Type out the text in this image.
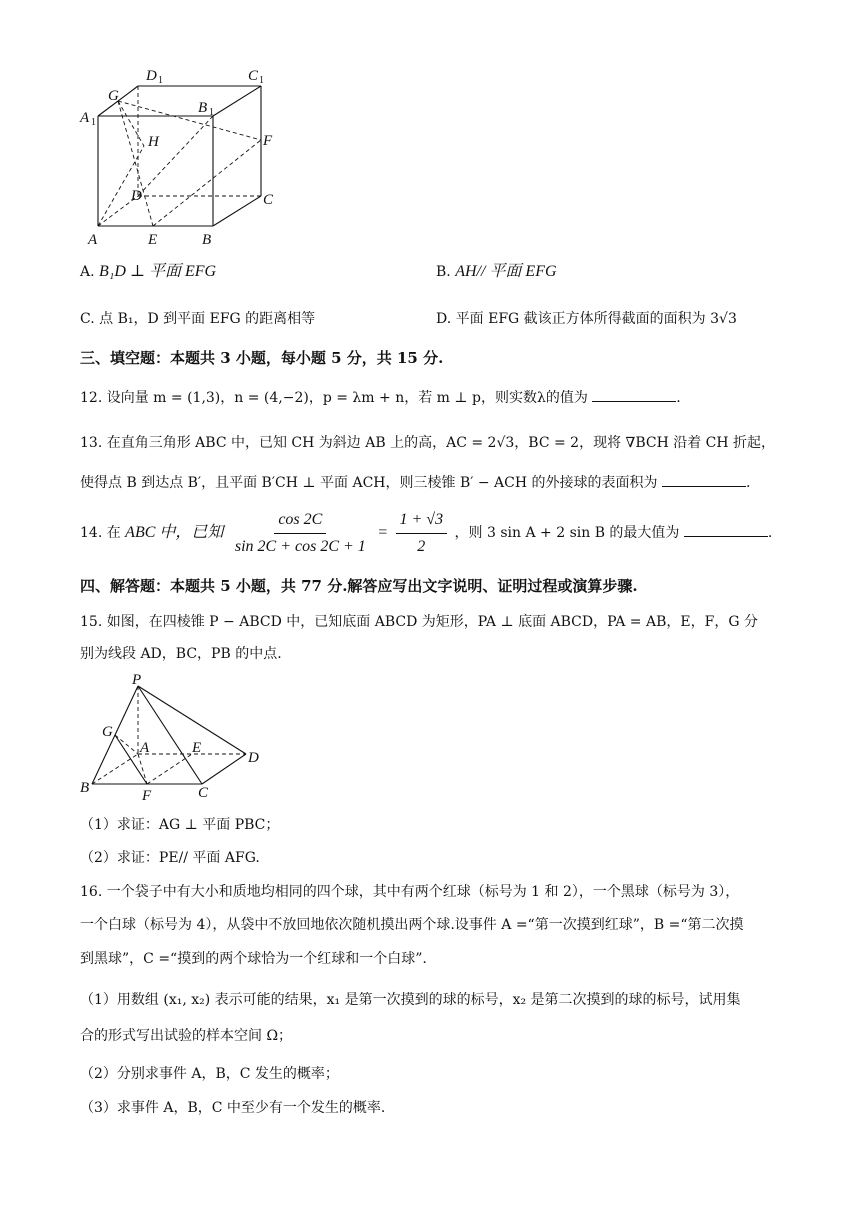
A 1
G
D 1	C 1
B 1
H	F
D	C
A	E	B
A. B₁D ⊥ 平面 EFG	B. AH// 平面 EFG
C. 点 B₁，D 到平面 EFG 的距离相等	D. 平面 EFG 截该正方体所得截面的面积为 3√3
三、填空题：本题共 3 小题，每小题 5 分，共 15 分.
12. 设向量 m = (1,3)，n = (4,−2)，p = λm + n，若 m ⊥ p，则实数λ的值为	.
13. 在直角三角形 ABC 中，已知 CH 为斜边 AB 上的高，AC = 2√3，BC = 2，现将 ∇BCH 沿着 CH 折起，
使得点 B 到达点 B′，且平面 B′CH ⊥ 平面 ACH，则三棱锥 B′ − ACH 的外接球的表面积为	.
14. 在 ABC 中，已知 $\frac{\cos 2C}{\sin 2C + \cos 2C + 1} = \frac{1 + √3}{2}$ ，则 3 sin A + 2 sin B 的最大值为	.
四、解答题：本题共 5 小题，共 77 分.解答应写出文字说明、证明过程或演算步骤.
15. 如图，在四棱锥 P − ABCD 中，已知底面 ABCD 为矩形，PA ⊥ 底面 ABCD，PA = AB，E，F，G 分
别为线段 AD，BC，PB 的中点.
P
G
A	E
D
B	F	C
（1）求证：AG ⊥ 平面 PBC；
（2）求证：PE// 平面 AFG.
16. 一个袋子中有大小和质地均相同的四个球，其中有两个红球（标号为 1 和 2），一个黑球（标号为 3），
一个白球（标号为 4），从袋中不放回地依次随机摸出两个球.设事件 A =“第一次摸到红球”，B =“第二次摸
到黑球”，C =“摸到的两个球恰为一个红球和一个白球”.
（1）用数组 (x₁, x₂) 表示可能的结果，x₁ 是第一次摸到的球的标号，x₂ 是第二次摸到的球的标号，试用集
合的形式写出试验的样本空间 Ω；
（2）分别求事件 A，B，C 发生的概率；
（3）求事件 A，B，C 中至少有一个发生的概率.
